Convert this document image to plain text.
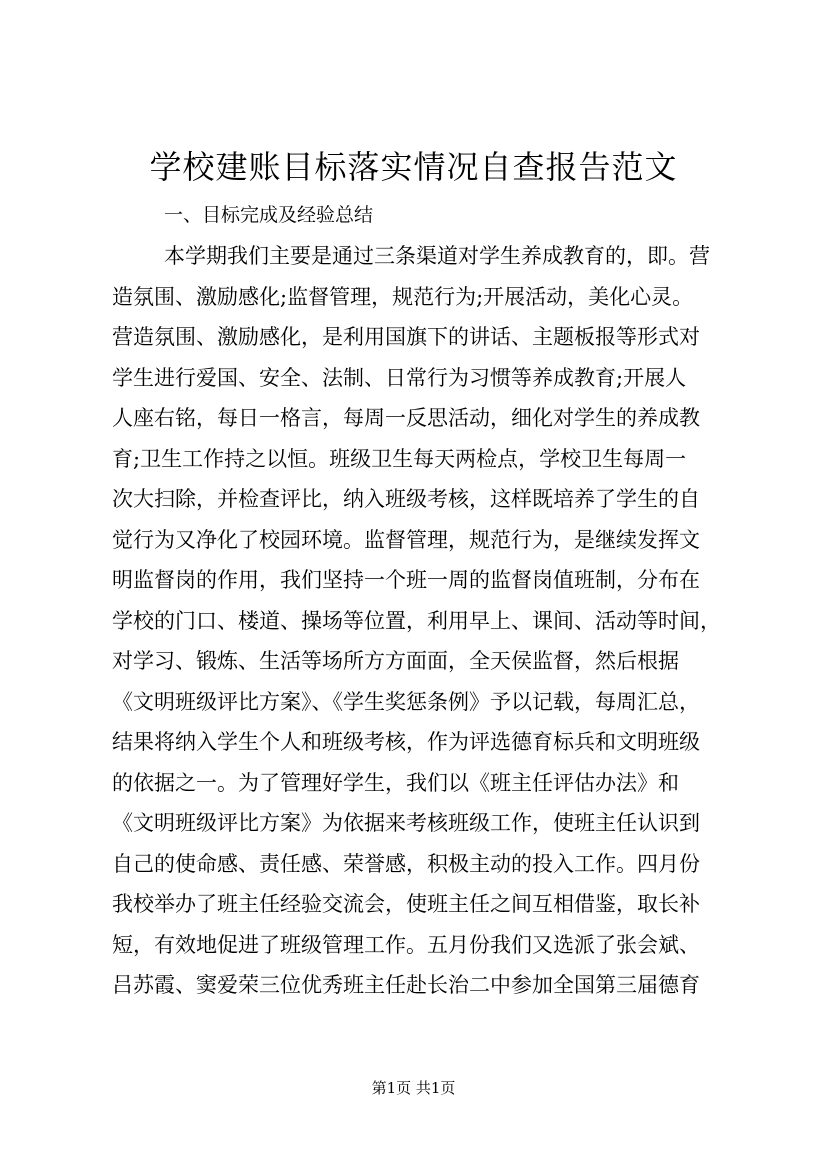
学校建账目标落实情况自查报告范文
一、目标完成及经验总结
本学期我们主要是通过三条渠道对学生养成教育的，即。营
造氛围、激励感化;监督管理，规范行为;开展活动，美化心灵。
营造氛围、激励感化，是利用国旗下的讲话、主题板报等形式对
学生进行爱国、安全、法制、日常行为习惯等养成教育;开展人
人座右铭，每日一格言，每周一反思活动，细化对学生的养成教
育;卫生工作持之以恒。班级卫生每天两检点，学校卫生每周一
次大扫除，并检查评比，纳入班级考核，这样既培养了学生的自
觉行为又净化了校园环境。监督管理，规范行为，是继续发挥文
明监督岗的作用，我们坚持一个班一周的监督岗值班制，分布在
学校的门口、楼道、操场等位置，利用早上、课间、活动等时间，
对学习、锻炼、生活等场所方方面面，全天侯监督，然后根据
《文明班级评比方案》、《学生奖惩条例》予以记载，每周汇总，
结果将纳入学生个人和班级考核，作为评选德育标兵和文明班级
的依据之一。为了管理好学生，我们以《班主任评估办法》和
《文明班级评比方案》为依据来考核班级工作，使班主任认识到
自己的使命感、责任感、荣誉感，积极主动的投入工作。四月份
我校举办了班主任经验交流会，使班主任之间互相借鉴，取长补
短，有效地促进了班级管理工作。五月份我们又选派了张会斌、
吕苏霞、窦爱荣三位优秀班主任赴长治二中参加全国第三届德育
第1页 共1页
